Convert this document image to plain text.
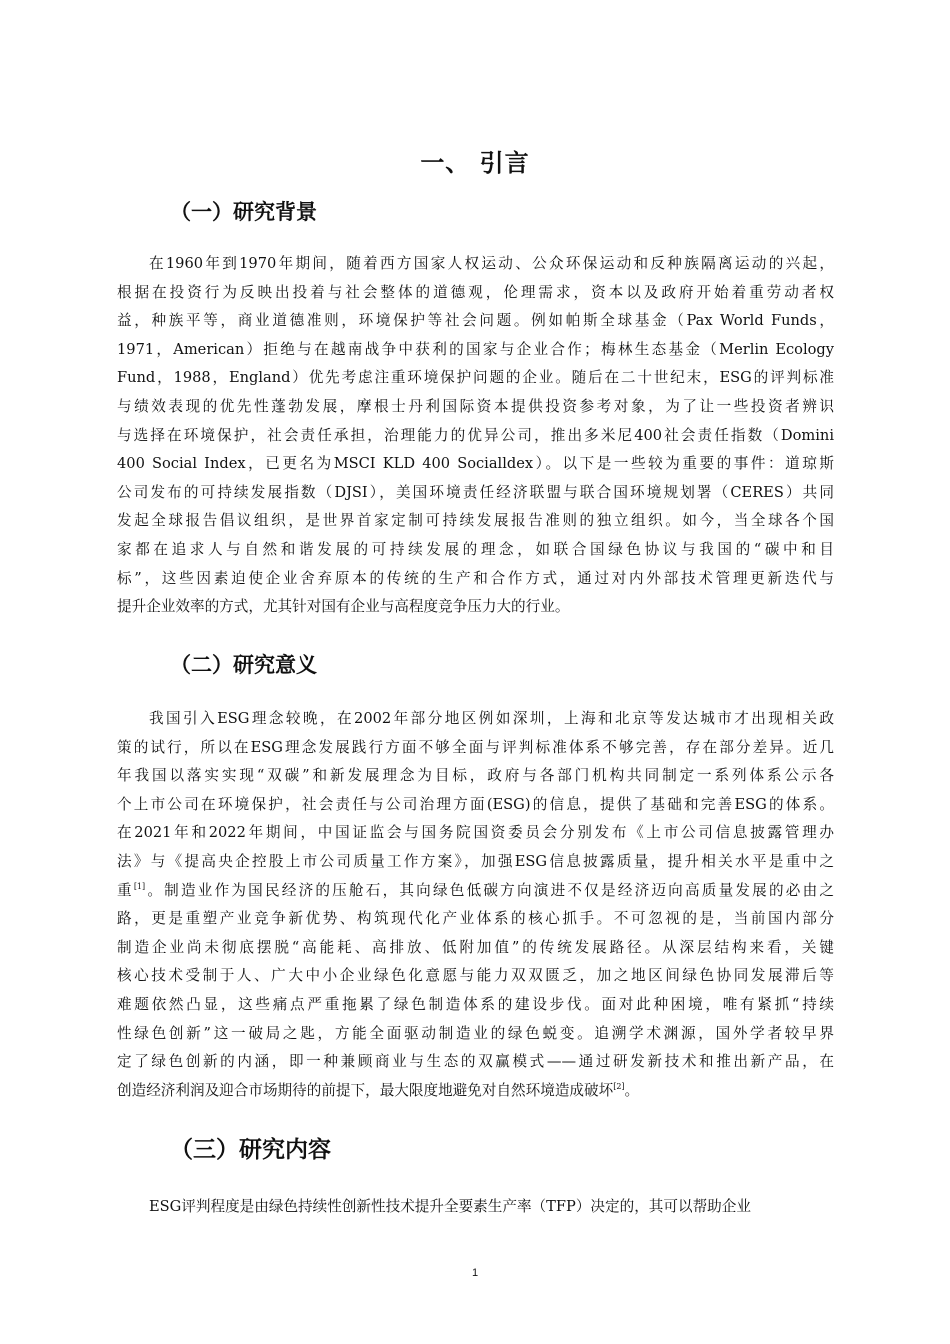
一、 引言
（一）研究背景
在1960年到1970年期间，随着西方国家人权运动、公众环保运动和反种族隔离运动的兴起，
根据在投资行为反映出投着与社会整体的道德观，伦理需求，资本以及政府开始着重劳动者权
益，种族平等，商业道德准则，环境保护等社会问题。例如帕斯全球基金（Pax World Funds，
1971，American）拒绝与在越南战争中获利的国家与企业合作；梅林生态基金（Merlin Ecology
Fund，1988，England）优先考虑注重环境保护问题的企业。随后在二十世纪末，ESG的评判标准
与绩效表现的优先性蓬勃发展，摩根士丹利国际资本提供投资参考对象，为了让一些投资者辨识
与选择在环境保护，社会责任承担，治理能力的优异公司，推出多米尼400社会责任指数（Domini
400 Social Index，已更名为MSCI KLD 400 Socialldex）。以下是一些较为重要的事件：道琼斯
公司发布的可持续发展指数（DJSI），美国环境责任经济联盟与联合国环境规划署（CERES）共同
发起全球报告倡议组织，是世界首家定制可持续发展报告准则的独立组织。如今，当全球各个国
家都在追求人与自然和谐发展的可持续发展的理念，如联合国绿色协议与我国的“碳中和目
标”，这些因素迫使企业舍弃原本的传统的生产和合作方式，通过对内外部技术管理更新迭代与
提升企业效率的方式，尤其针对国有企业与高程度竞争压力大的行业。
（二）研究意义
我国引入ESG理念较晚，在2002年部分地区例如深圳，上海和北京等发达城市才出现相关政
策的试行，所以在ESG理念发展践行方面不够全面与评判标准体系不够完善，存在部分差异。近几
年我国以落实实现“双碳”和新发展理念为目标，政府与各部门机构共同制定一系列体系公示各
个上市公司在环境保护，社会责任与公司治理方面(ESG)的信息，提供了基础和完善ESG的体系。
在2021年和2022年期间，中国证监会与国务院国资委员会分别发布《上市公司信息披露管理办
法》与《提高央企控股上市公司质量工作方案》，加强ESG信息披露质量，提升相关水平是重中之
重[1]。制造业作为国民经济的压舱石，其向绿色低碳方向演进不仅是经济迈向高质量发展的必由之
路，更是重塑产业竞争新优势、构筑现代化产业体系的核心抓手。不可忽视的是，当前国内部分
制造企业尚未彻底摆脱“高能耗、高排放、低附加值”的传统发展路径。从深层结构来看，关键
核心技术受制于人、广大中小企业绿色化意愿与能力双双匮乏，加之地区间绿色协同发展滞后等
难题依然凸显，这些痛点严重拖累了绿色制造体系的建设步伐。面对此种困境，唯有紧抓“持续
性绿色创新”这一破局之匙，方能全面驱动制造业的绿色蜕变。追溯学术渊源，国外学者较早界
定了绿色创新的内涵，即一种兼顾商业与生态的双赢模式——通过研发新技术和推出新产品，在
创造经济利润及迎合市场期待的前提下，最大限度地避免对自然环境造成破坏[2]。
（三）研究内容
ESG评判程度是由绿色持续性创新性技术提升全要素生产率（TFP）决定的，其可以帮助企业
1
